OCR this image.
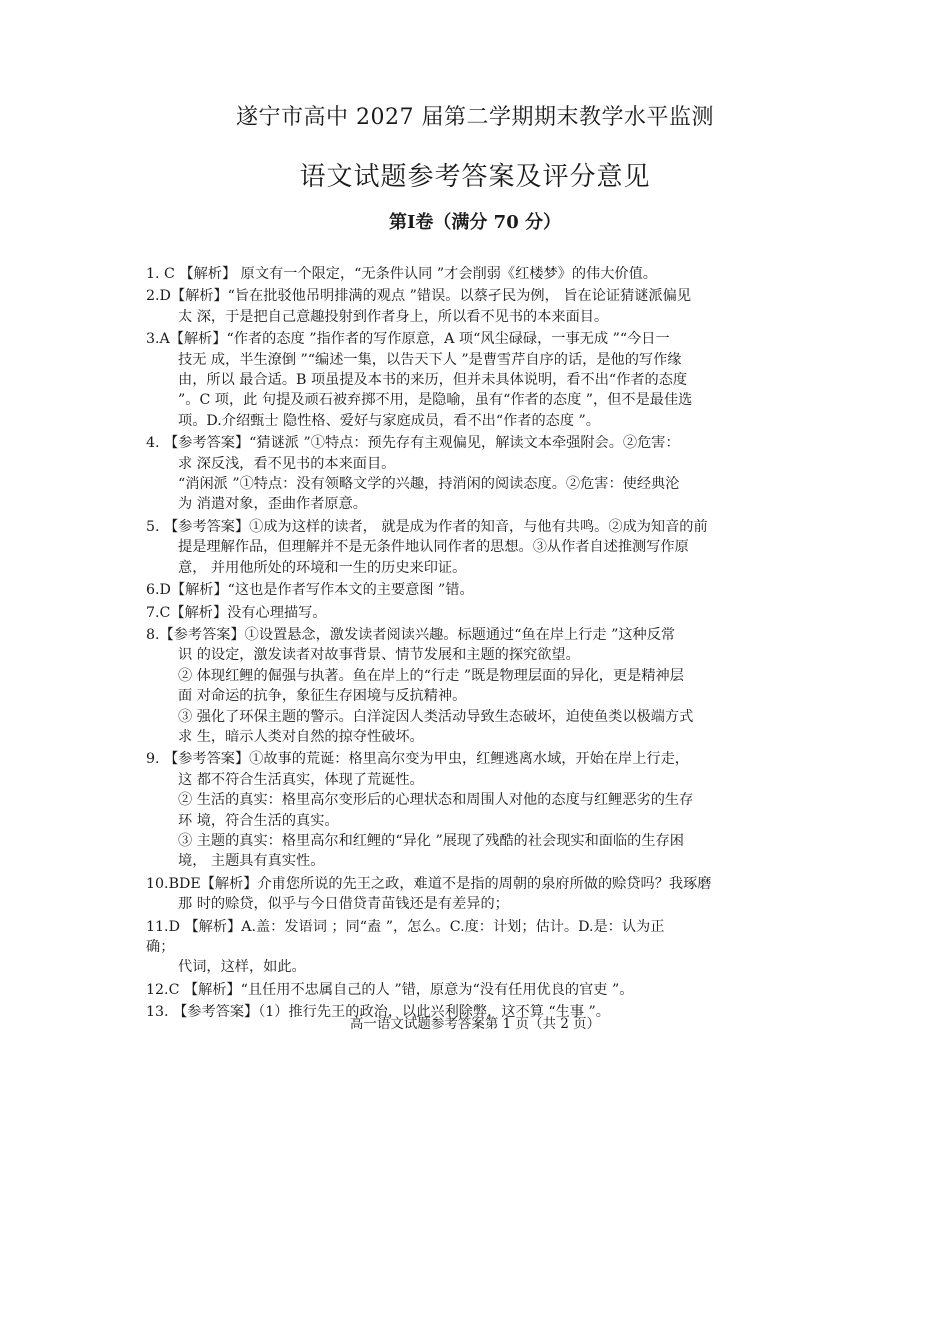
遂宁市高中 2027 届第二学期期末教学水平监测
语文试题参考答案及评分意见
第Ⅰ卷（满分 70 分）
1. C 【解析】 原文有一个限定，“无条件认同 ”才会削弱《红楼梦》的伟大价值。
2.D【解析】“旨在批驳他吊明排满的观点 ”错误。以蔡孑民为例， 旨在论证猜谜派偏见
太 深，于是把自己意趣投射到作者身上，所以看不见书的本来面目。
3.A【解析】“作者的态度 ”指作者的写作原意，A 项“风尘碌碌，一事无成 ”“今日一
技无 成，半生潦倒 ”“编述一集，以告天下人 ”是曹雪芹自序的话，是他的写作缘
由，所以 最合适。B 项虽提及本书的来历，但并未具体说明，看不出“作者的态度
”。C 项，此 句提及顽石被弃掷不用，是隐喻，虽有“作者的态度 ”，但不是最佳选
项。D.介绍甄士 隐性格、爱好与家庭成员，看不出“作者的态度 ”。
4. 【参考答案】“猜谜派 ”①特点：预先存有主观偏见，解读文本牵强附会。②危害：
求 深反浅，看不见书的本来面目。
“消闲派 ”①特点：没有领略文学的兴趣，持消闲的阅读态度。②危害：使经典沦
为 消遣对象，歪曲作者原意。
5. 【参考答案】①成为这样的读者， 就是成为作者的知音，与他有共鸣。②成为知音的前
提是理解作品，但理解并不是无条件地认同作者的思想。③从作者自述推测写作原
意， 并用他所处的环境和一生的历史来印证。
6.D【解析】“这也是作者写作本文的主要意图 ”错。
7.C【解析】没有心理描写。
8.【参考答案】①设置悬念，激发读者阅读兴趣。标题通过“鱼在岸上行走 ”这种反常
识 的设定，激发读者对故事背景、情节发展和主题的探究欲望。
② 体现红鲤的倔强与执著。鱼在岸上的“行走 ”既是物理层面的异化，更是精神层
面 对命运的抗争，象征生存困境与反抗精神。
③ 强化了环保主题的警示。白洋淀因人类活动导致生态破坏，迫使鱼类以极端方式
求 生，暗示人类对自然的掠夺性破坏。
9. 【参考答案】①故事的荒诞：格里高尔变为甲虫，红鲤逃离水域，开始在岸上行走，
这 都不符合生活真实，体现了荒诞性。
② 生活的真实：格里高尔变形后的心理状态和周围人对他的态度与红鲤恶劣的生存
环 境，符合生活的真实。
③ 主题的真实：格里高尔和红鲤的“异化 ”展现了残酷的社会现实和面临的生存困
境， 主题具有真实性。
10.BDE【解析】介甫您所说的先王之政，难道不是指的周朝的泉府所做的赊贷吗？我琢磨
那 时的赊贷，似乎与今日借贷青苗钱还是有差异的；
11.D 【解析】A.盖：发语词 ；同“盍 ”，怎么。C.度：计划；估计。D.是：认为正
确；
代词，这样，如此。
12.C 【解析】“且任用不忠属自己的人 ”错，原意为“没有任用优良的官吏 ”。
13. 【参考答案】（1）推行先王的政治，以此兴利除弊，这不算 “生事 ”。
高一语文试题参考答案第 1 页（共 2 页）
